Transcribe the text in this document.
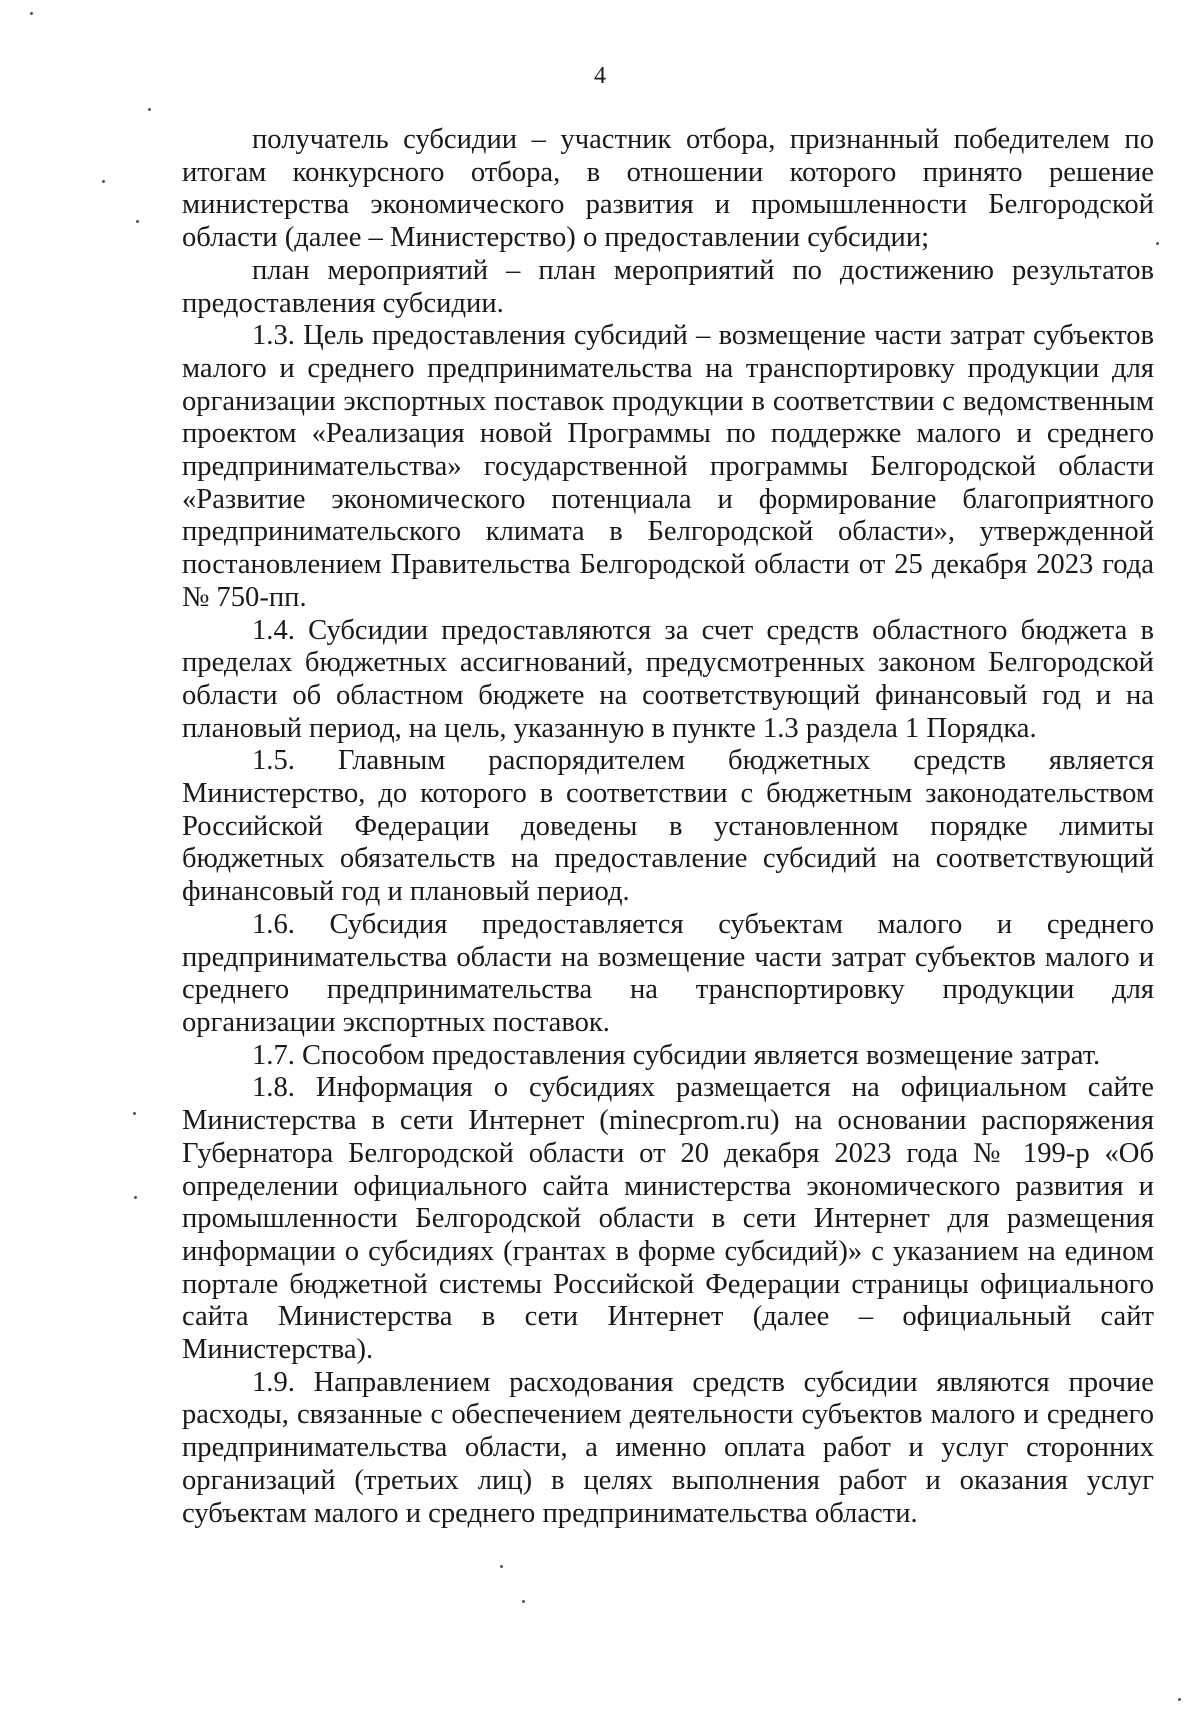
4

получатель субсидии – участник отбора, признанный победителем по итогам конкурсного отбора, в отношении которого принято решение министерства экономического развития и промышленности Белгородской области (далее – Министерство) о предоставлении субсидии;

план мероприятий – план мероприятий по достижению результатов предоставления субсидии.

1.3. Цель предоставления субсидий – возмещение части затрат субъектов малого и среднего предпринимательства на транспортировку продукции для организации экспортных поставок продукции в соответствии с ведомственным проектом «Реализация новой Программы по поддержке малого и среднего предпринимательства» государственной программы Белгородской области «Развитие экономического потенциала и формирование благоприятного предпринимательского климата в Белгородской области», утвержденной постановлением Правительства Белгородской области от 25 декабря 2023 года № 750-пп.

1.4. Субсидии предоставляются за счет средств областного бюджета в пределах бюджетных ассигнований, предусмотренных законом Белгородской области об областном бюджете на соответствующий финансовый год и на плановый период, на цель, указанную в пункте 1.3 раздела 1 Порядка.

1.5. Главным распорядителем бюджетных средств является Министерство, до которого в соответствии с бюджетным законодательством Российской Федерации доведены в установленном порядке лимиты бюджетных обязательств на предоставление субсидий на соответствующий финансовый год и плановый период.

1.6. Субсидия предоставляется субъектам малого и среднего предпринимательства области на возмещение части затрат субъектов малого и среднего предпринимательства на транспортировку продукции для организации экспортных поставок.

1.7. Способом предоставления субсидии является возмещение затрат.

1.8. Информация о субсидиях размещается на официальном сайте Министерства в сети Интернет (minecprom.ru) на основании распоряжения Губернатора Белгородской области от 20 декабря 2023 года № 199-р «Об определении официального сайта министерства экономического развития и промышленности Белгородской области в сети Интернет для размещения информации о субсидиях (грантах в форме субсидий)» с указанием на едином портале бюджетной системы Российской Федерации страницы официального сайта Министерства в сети Интернет (далее – официальный сайт Министерства).

1.9. Направлением расходования средств субсидии являются прочие расходы, связанные с обеспечением деятельности субъектов малого и среднего предпринимательства области, а именно оплата работ и услуг сторонних организаций (третьих лиц) в целях выполнения работ и оказания услуг субъектам малого и среднего предпринимательства области.
